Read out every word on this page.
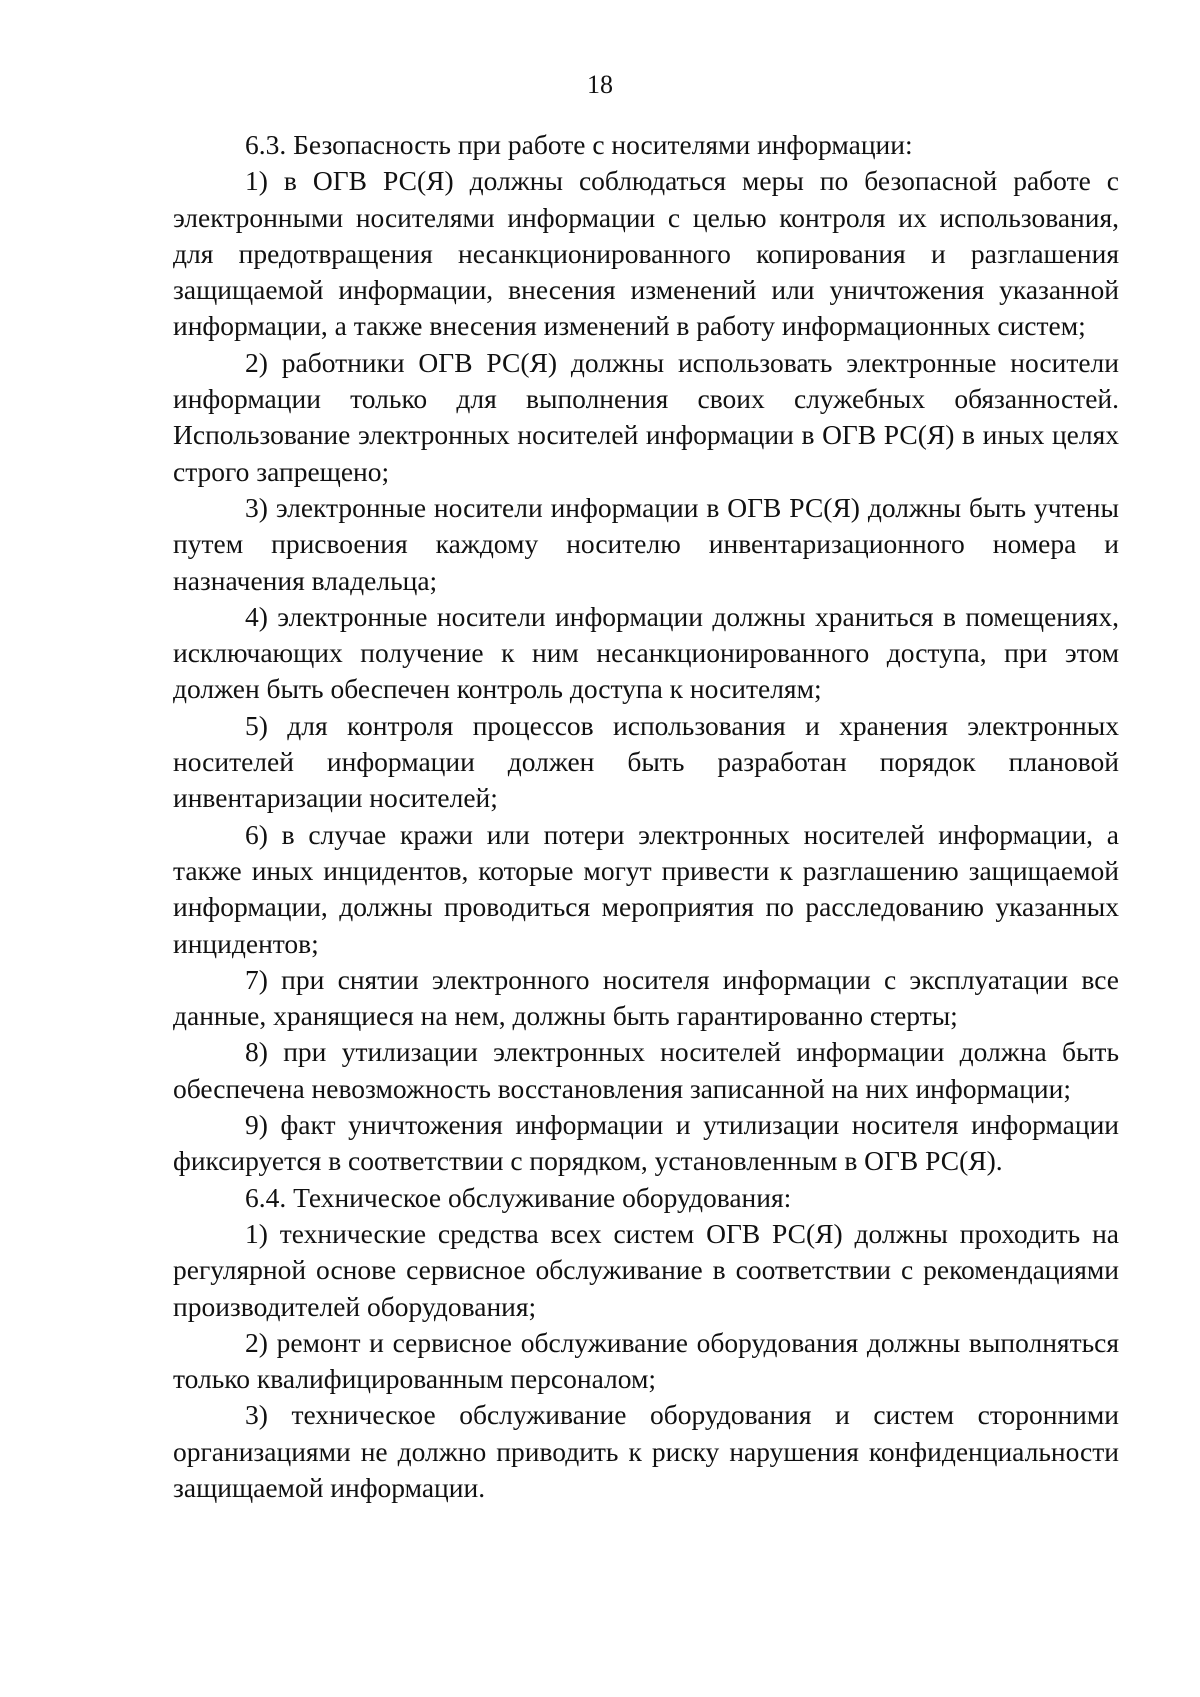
18

6.3. Безопасность при работе с носителями информации:

1) в ОГВ РС(Я) должны соблюдаться меры по безопасной работе с электронными носителями информации с целью контроля их использования, для предотвращения несанкционированного копирования и разглашения защищаемой информации, внесения изменений или уничтожения указанной информации, а также внесения изменений в работу информационных систем;

2) работники ОГВ РС(Я) должны использовать электронные носители информации только для выполнения своих служебных обязанностей. Использование электронных носителей информации в ОГВ РС(Я) в иных целях строго запрещено;

3) электронные носители информации в ОГВ РС(Я) должны быть учтены путем присвоения каждому носителю инвентаризационного номера и назначения владельца;

4) электронные носители информации должны храниться в помещениях, исключающих получение к ним несанкционированного доступа, при этом должен быть обеспечен контроль доступа к носителям;

5) для контроля процессов использования и хранения электронных носителей информации должен быть разработан порядок плановой инвентаризации носителей;

6) в случае кражи или потери электронных носителей информации, а также иных инцидентов, которые могут привести к разглашению защищаемой информации, должны проводиться мероприятия по расследованию указанных инцидентов;

7) при снятии электронного носителя информации с эксплуатации все данные, хранящиеся на нем, должны быть гарантированно стерты;

8) при утилизации электронных носителей информации должна быть обеспечена невозможность восстановления записанной на них информации;

9) факт уничтожения информации и утилизации носителя информации фиксируется в соответствии с порядком, установленным в ОГВ РС(Я).

6.4. Техническое обслуживание оборудования:

1) технические средства всех систем ОГВ РС(Я) должны проходить на регулярной основе сервисное обслуживание в соответствии с рекомендациями производителей оборудования;

2) ремонт и сервисное обслуживание оборудования должны выполняться только квалифицированным персоналом;

3) техническое обслуживание оборудования и систем сторонними организациями не должно приводить к риску нарушения конфиденциальности защищаемой информации.
